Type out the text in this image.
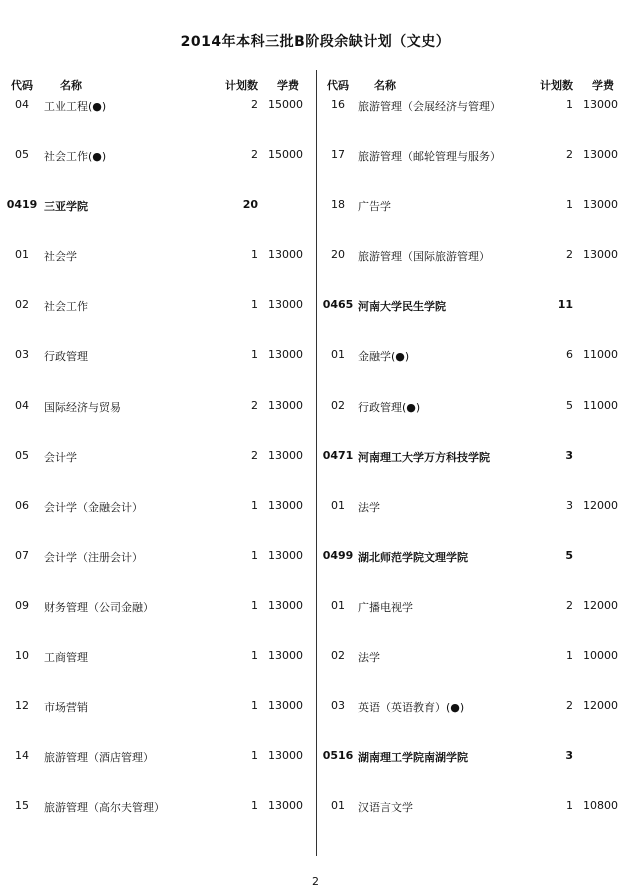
2014年本科三批B阶段余缺计划（文史）
代码	名称	计划数	学费
04	工业工程(●)	2 15000
05	社会工作(●)	2 15000
0419 三亚学院	20
01	社会学	1 13000
02	社会工作	1 13000
03	行政管理	1 13000
04	国际经济与贸易	2 13000
05	会计学	2 13000
06	会计学（金融会计）	1 13000
07	会计学（注册会计）	1 13000
09	财务管理（公司金融）	1 13000
10	工商管理	1 13000
12	市场营销	1 13000
14	旅游管理（酒店管理）	1 13000
15	旅游管理（高尔夫管理）	1 13000
代码	名称	计划数	学费
16	旅游管理（会展经济与管理）	1 13000
17	旅游管理（邮轮管理与服务）	2 13000
18	广告学	1 13000
20	旅游管理（国际旅游管理）	2 13000
0465 河南大学民生学院	11
01	金融学(●)	6 11000
02	行政管理(●)	5 11000
0471 河南理工大学万方科技学院	3
01	法学	3 12000
0499 湖北师范学院文理学院	5
01	广播电视学	2 12000
02	法学	1 10000
03	英语（英语教育）(●)	2 12000
0516 湖南理工学院南湖学院	3
01	汉语言文学	1 10800
2
